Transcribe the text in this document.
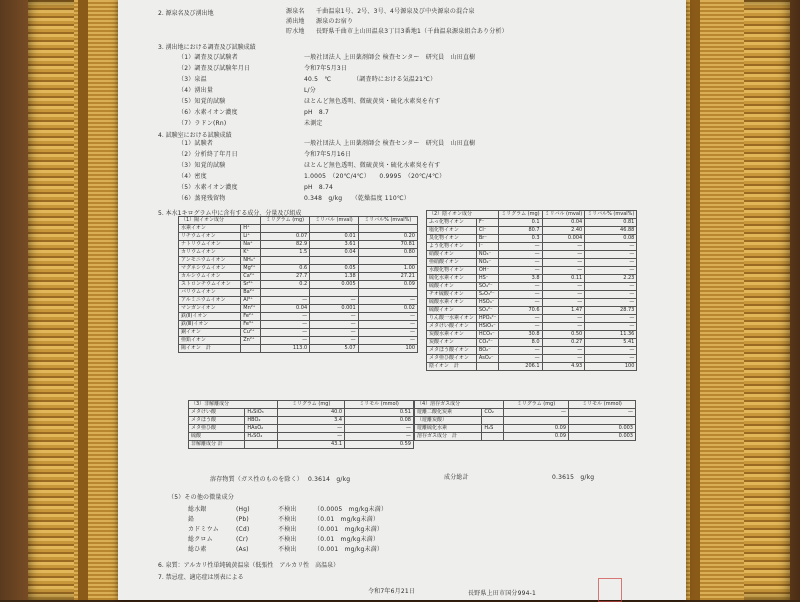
2. 源泉名及び湧出地	源泉名 千曲温泉1号、2号、3号、4号源泉及び中央源泉の混合泉
湧出地 源泉のお宿り
貯水地 長野県千曲市上山田温泉3丁目3番地1（千曲温泉源泉組合あり分析）
3. 湧出地における調査及び試験成績
（1）調査及び試験者	一般社団法人 上田薬剤師会 検査センター　研究員　山田直樹
（2）調査及び試験年月日	令和7年5月3日
（3）泉温	40.5　℃　　　　（調査時における気温21℃）
（4）湧出量	L/分
（5）知覚的試験	ほとんど無色透明、微硫黄臭・硫化水素臭を有す
（6）水素イオン濃度	pH　8.7
（7）ラドン(Rn)	未測定
4. 試験室における試験成績
（1）試験者	一般社団法人 上田薬剤師会 検査センター　研究員　山田直樹
（2）分析終了年月日	令和7年5月16日
（3）知覚的試験	ほとんど無色透明、微硫黄臭・硫化水素臭を有す
（4）密度	1.0005　（20℃/4℃）　　0.9995　（20℃/4℃）
（5）水素イオン濃度	pH　8.74
（6）蒸発残留物	0.348　g/kg　　（乾燥温度 110℃）
5. 本水1キログラム中に含有する成分、分量及び組成
（1）陽イオン成分		ミリグラム (mg)	ミリバル (mval)	ミリバル% (mval%)
水素イオン	H⁺			
リチウムイオン	Li⁺	0.07	0.01	0.20
ナトリウムイオン	Na⁺	82.9	3.61	70.81
カリウムイオン	K⁺	1.5	0.04	0.80
アンモニウムイオン	NH₄⁺			
マグネシウムイオン	Mg²⁺	0.6	0.05	1.00
カルシウムイオン	Ca²⁺	27.7	1.38	27.21
ストロンチウムイオン	Sr²⁺	0.2	0.005	0.09
バリウムイオン	Ba²⁺			
アルミニウムイオン	Al³⁺	—	—	—
マンガンイオン	Mn²⁺	0.04	0.001	0.02
鉄(Ⅱ)イオン	Fe²⁺	—	—	—
鉄(Ⅲ)イオン	Fe³⁺	—	—	—
銅イオン	Cu²⁺	—	—	—
亜鉛イオン	Zn²⁺	—	—	—
陽イオン　計		113.0	5.07	100
（2）陰イオン成分		ミリグラム (mg)	ミリバル (mval)	ミリバル% (mval%)
ふっ化物イオン	F⁻	0.1	0.04	0.81
塩化物イオン	Cl⁻	80.7	2.40	46.88
臭化物イオン	Br⁻	0.3	0.004	0.08
よう化物イオン	I⁻	—	—	—
硝酸イオン	NO₃⁻	—	—	—
亜硝酸イオン	NO₂⁻	—	—	—
水酸化物イオン	OH⁻	—	—	—
硫化水素イオン	HS⁻	3.8	0.11	2.23
硫酸イオン	SO₄²⁻	—	—	—
チオ硫酸イオン	S₂O₃²⁻	—	—	—
硫酸水素イオン	HSO₄⁻	—	—	—
硫酸イオン	SO₄²⁻	70.6	1.47	28.73
りん酸一水素イオン	HPO₄²⁻	—	—	—
メタけい酸イオン	HSiO₃⁻	—	—	—
炭酸水素イオン	HCO₃⁻	30.8	0.50	11.36
炭酸イオン	CO₃²⁻	8.0	0.27	5.41
メタほう酸イオン	BO₂⁻	—	—	—
メタ亜ひ酸イオン	AsO₂⁻	—	—	—
陰イオン　計		206.1	4.93	100
（3）非解離成分		ミリグラム (mg)	ミリモル (mmol)
メタけい酸	H₂SiO₃	40.0	0.51
メタほう酸	HBO₂	3.4	0.08
メタ亜ひ酸	HAsO₂	—	—
硫酸	H₂SO₄	—	—
非解離成分 計		43.1	0.59
（4）溶存ガス成分		ミリグラム (mg)	ミリモル (mmol)
遊離二酸化炭素	CO₂	—	—
（遊離炭酸）			
遊離硫化水素	H₂S	0.09	0.003
溶存ガス成分　計		0.09	0.003
溶存物質（ガス性のものを除く） 0.3614　g/kg	成分総計	0.3615　g/kg
（5）その他の微量成分
総水銀	(Hg)	不検出	（0.0005　mg/kg未満）
鉛	(Pb)	不検出	（0.01　mg/kg未満）
カドミウム	(Cd)	不検出	（0.001　mg/kg未満）
総クロム	(Cr)	不検出	（0.01　mg/kg未満）
総ひ素	(As)	不検出	（0.001　mg/kg未満）
6. 泉質：アルカリ性単純硫黄温泉（低張性　アルカリ性　高温泉）
7. 禁忌症、適応症は別表による
令和7年6月21日	長野県上田市国分994-1
